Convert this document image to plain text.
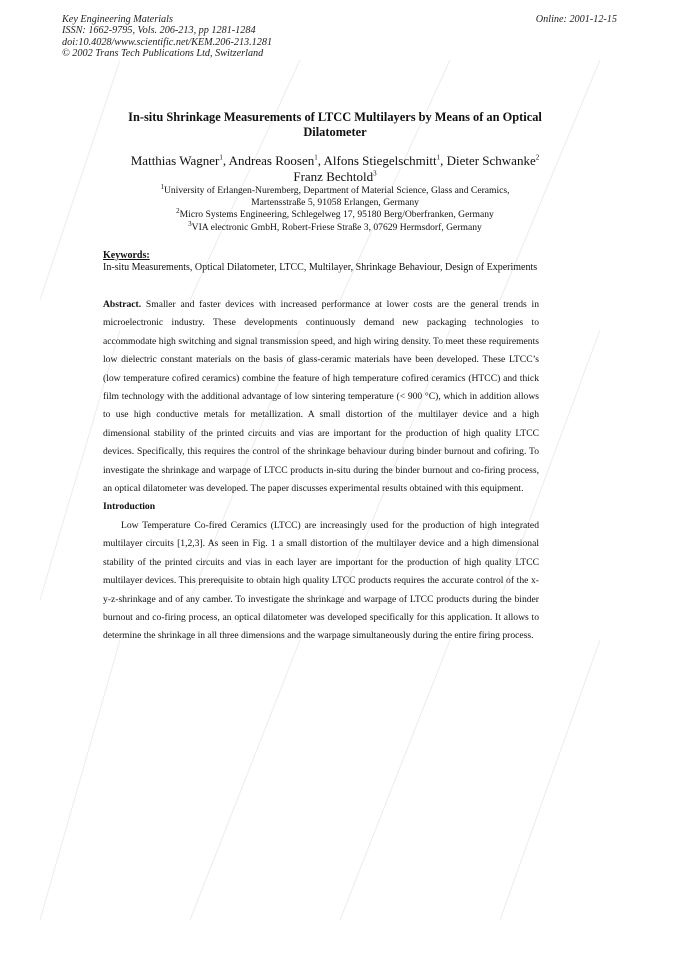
Key Engineering Materials
ISSN: 1662-9795, Vols. 206-213, pp 1281-1284
doi:10.4028/www.scientific.net/KEM.206-213.1281
© 2002 Trans Tech Publications Ltd, Switzerland
Online: 2001-12-15
In-situ Shrinkage Measurements of LTCC Multilayers by Means of an Optical Dilatometer
Matthias Wagner$^1$, Andreas Roosen$^1$, Alfons Stiegelschmitt$^1$, Dieter Schwanke$^2$
Franz Bechtold$^3$
$^1$University of Erlangen-Nuremberg, Department of Material Science, Glass and Ceramics,
Martensstraße 5, 91058 Erlangen, Germany
$^2$Micro Systems Engineering, Schlegelweg 17, 95180 Berg/Oberfranken, Germany
$^3$VIA electronic GmbH, Robert-Friese Straße 3, 07629 Hermsdorf, Germany
Keywords:
In-situ Measurements, Optical Dilatometer, LTCC, Multilayer, Shrinkage Behaviour, Design of Experiments

Abstract. Smaller and faster devices with increased performance at lower costs are the general trends in microelectronic industry. These developments continuously demand new packaging technologies to accommodate high switching and signal transmission speed, and high wiring density. To meet these requirements low dielectric constant materials on the basis of glass-ceramic materials have been developed. These LTCC’s (low temperature cofired ceramics) combine the feature of high temperature cofired ceramics (HTCC) and thick film technology with the additional advantage of low sintering temperature (< 900 °C), which in addition allows to use high conductive metals for metallization. A small distortion of the multilayer device and a high dimensional stability of the printed circuits and vias are important for the production of high quality LTCC devices. Specifically, this requires the control of the shrinkage behaviour during binder burnout and cofiring. To investigate the shrinkage and warpage of LTCC products in-situ during the binder burnout and co-firing process, an optical dilatometer was developed. The paper discusses experimental results obtained with this equipment.

Introduction

Low Temperature Co-fired Ceramics (LTCC) are increasingly used for the production of high integrated multilayer circuits [1,2,3]. As seen in Fig. 1 a small distortion of the multilayer device and a high dimensional stability of the printed circuits and vias in each layer are important for the production of high quality LTCC multilayer devices. This prerequisite to obtain high quality LTCC products requires the accurate control of the x-y-z-shrinkage and of any camber. To investigate the shrinkage and warpage of LTCC products during the binder burnout and co-firing process, an optical dilatometer was developed specifically for this application. It allows to determine the shrinkage in all three dimensions and the warpage simultaneously during the entire firing process.
